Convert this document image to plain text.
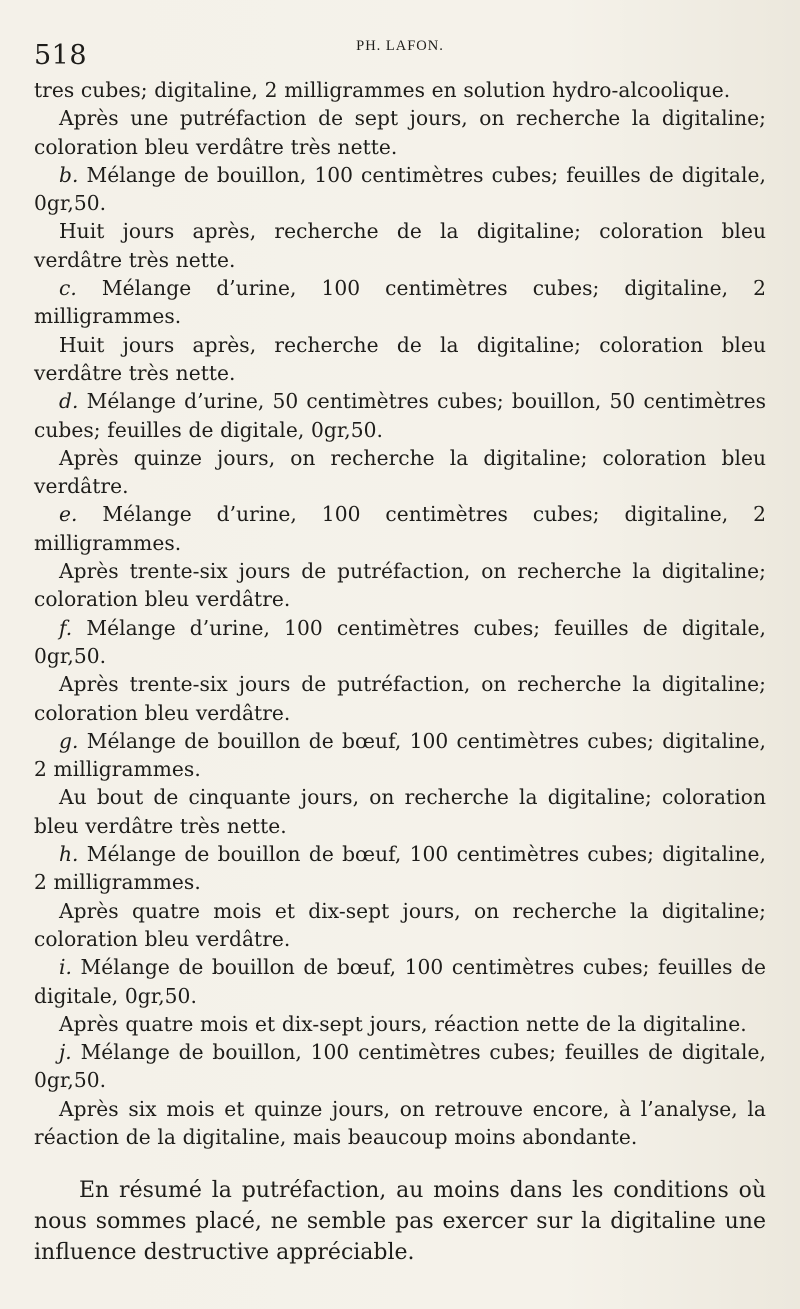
518	PH. LAFON.

tres cubes; digitaline, 2 milligrammes en solution hydro-alcoolique.

Après une putréfaction de sept jours, on recherche la digitaline; coloration bleu verdâtre très nette.

b. Mélange de bouillon, 100 centimètres cubes; feuilles de digitale, 0gr,50.

Huit jours après, recherche de la digitaline; coloration bleu verdâtre très nette.

c. Mélange d’urine, 100 centimètres cubes; digitaline, 2 milligrammes.

Huit jours après, recherche de la digitaline; coloration bleu verdâtre très nette.

d. Mélange d’urine, 50 centimètres cubes; bouillon, 50 centimètres cubes; feuilles de digitale, 0gr,50.

Après quinze jours, on recherche la digitaline; coloration bleu verdâtre.

e. Mélange d’urine, 100 centimètres cubes; digitaline, 2 milligrammes.

Après trente-six jours de putréfaction, on recherche la digitaline; coloration bleu verdâtre.

f. Mélange d’urine, 100 centimètres cubes; feuilles de digitale, 0gr,50.

Après trente-six jours de putréfaction, on recherche la digitaline; coloration bleu verdâtre.

g. Mélange de bouillon de bœuf, 100 centimètres cubes; digitaline, 2 milligrammes.

Au bout de cinquante jours, on recherche la digitaline; coloration bleu verdâtre très nette.

h. Mélange de bouillon de bœuf, 100 centimètres cubes; digitaline, 2 milligrammes.

Après quatre mois et dix-sept jours, on recherche la digitaline; coloration bleu verdâtre.

i. Mélange de bouillon de bœuf, 100 centimètres cubes; feuilles de digitale, 0gr,50.

Après quatre mois et dix-sept jours, réaction nette de la digitaline.

j. Mélange de bouillon, 100 centimètres cubes; feuilles de digitale, 0gr,50.

Après six mois et quinze jours, on retrouve encore, à l’analyse, la réaction de la digitaline, mais beaucoup moins abondante.

En résumé la putréfaction, au moins dans les conditions où nous sommes placé, ne semble pas exercer sur la digitaline une influence destructive appréciable.
